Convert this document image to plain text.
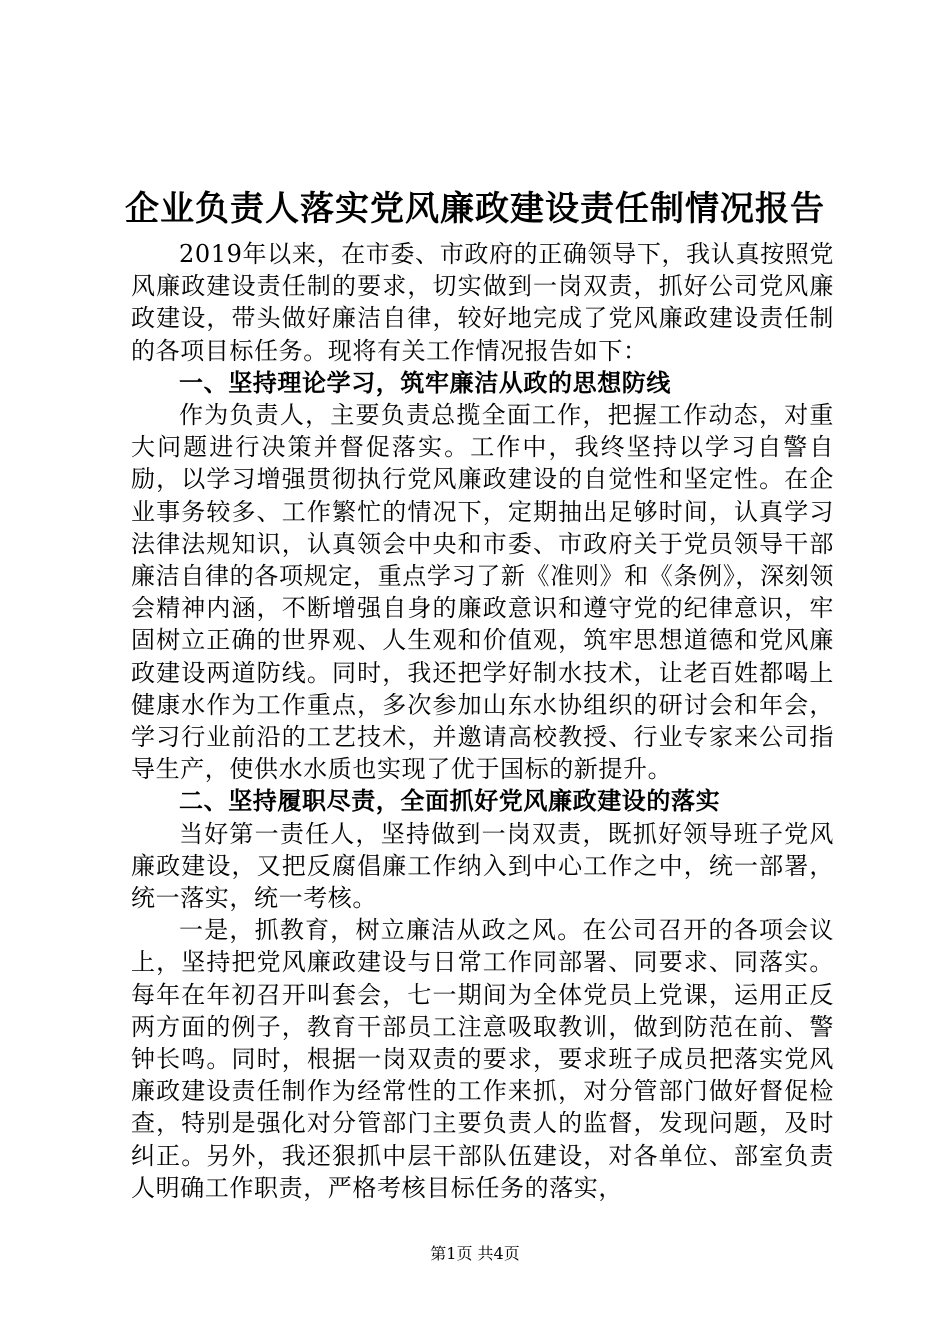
企业负责人落实党风廉政建设责任制情况报告

2019年以来，在市委、市政府的正确领导下，我认真按照党风廉政建设责任制的要求，切实做到一岗双责，抓好公司党风廉政建设，带头做好廉洁自律，较好地完成了党风廉政建设责任制的各项目标任务。现将有关工作情况报告如下：

一、坚持理论学习，筑牢廉洁从政的思想防线

作为负责人，主要负责总揽全面工作，把握工作动态，对重大问题进行决策并督促落实。工作中，我终坚持以学习自警自励，以学习增强贯彻执行党风廉政建设的自觉性和坚定性。在企业事务较多、工作繁忙的情况下，定期抽出足够时间，认真学习法律法规知识，认真领会中央和市委、市政府关于党员领导干部廉洁自律的各项规定，重点学习了新《准则》和《条例》，深刻领会精神内涵，不断增强自身的廉政意识和遵守党的纪律意识，牢固树立正确的世界观、人生观和价值观，筑牢思想道德和党风廉政建设两道防线。同时，我还把学好制水技术，让老百姓都喝上健康水作为工作重点，多次参加山东水协组织的研讨会和年会，学习行业前沿的工艺技术，并邀请高校教授、行业专家来公司指导生产，使供水水质也实现了优于国标的新提升。

二、坚持履职尽责，全面抓好党风廉政建设的落实

当好第一责任人，坚持做到一岗双责，既抓好领导班子党风廉政建设，又把反腐倡廉工作纳入到中心工作之中，统一部署，统一落实，统一考核。

一是，抓教育，树立廉洁从政之风。在公司召开的各项会议上，坚持把党风廉政建设与日常工作同部署、同要求、同落实。每年在年初召开叫套会，七一期间为全体党员上党课，运用正反两方面的例子，教育干部员工注意吸取教训，做到防范在前、警钟长鸣。同时，根据一岗双责的要求，要求班子成员把落实党风廉政建设责任制作为经常性的工作来抓，对分管部门做好督促检查，特别是强化对分管部门主要负责人的监督，发现问题，及时纠正。另外，我还狠抓中层干部队伍建设，对各单位、部室负责人明确工作职责，严格考核目标任务的落实，

第1页 共4页
